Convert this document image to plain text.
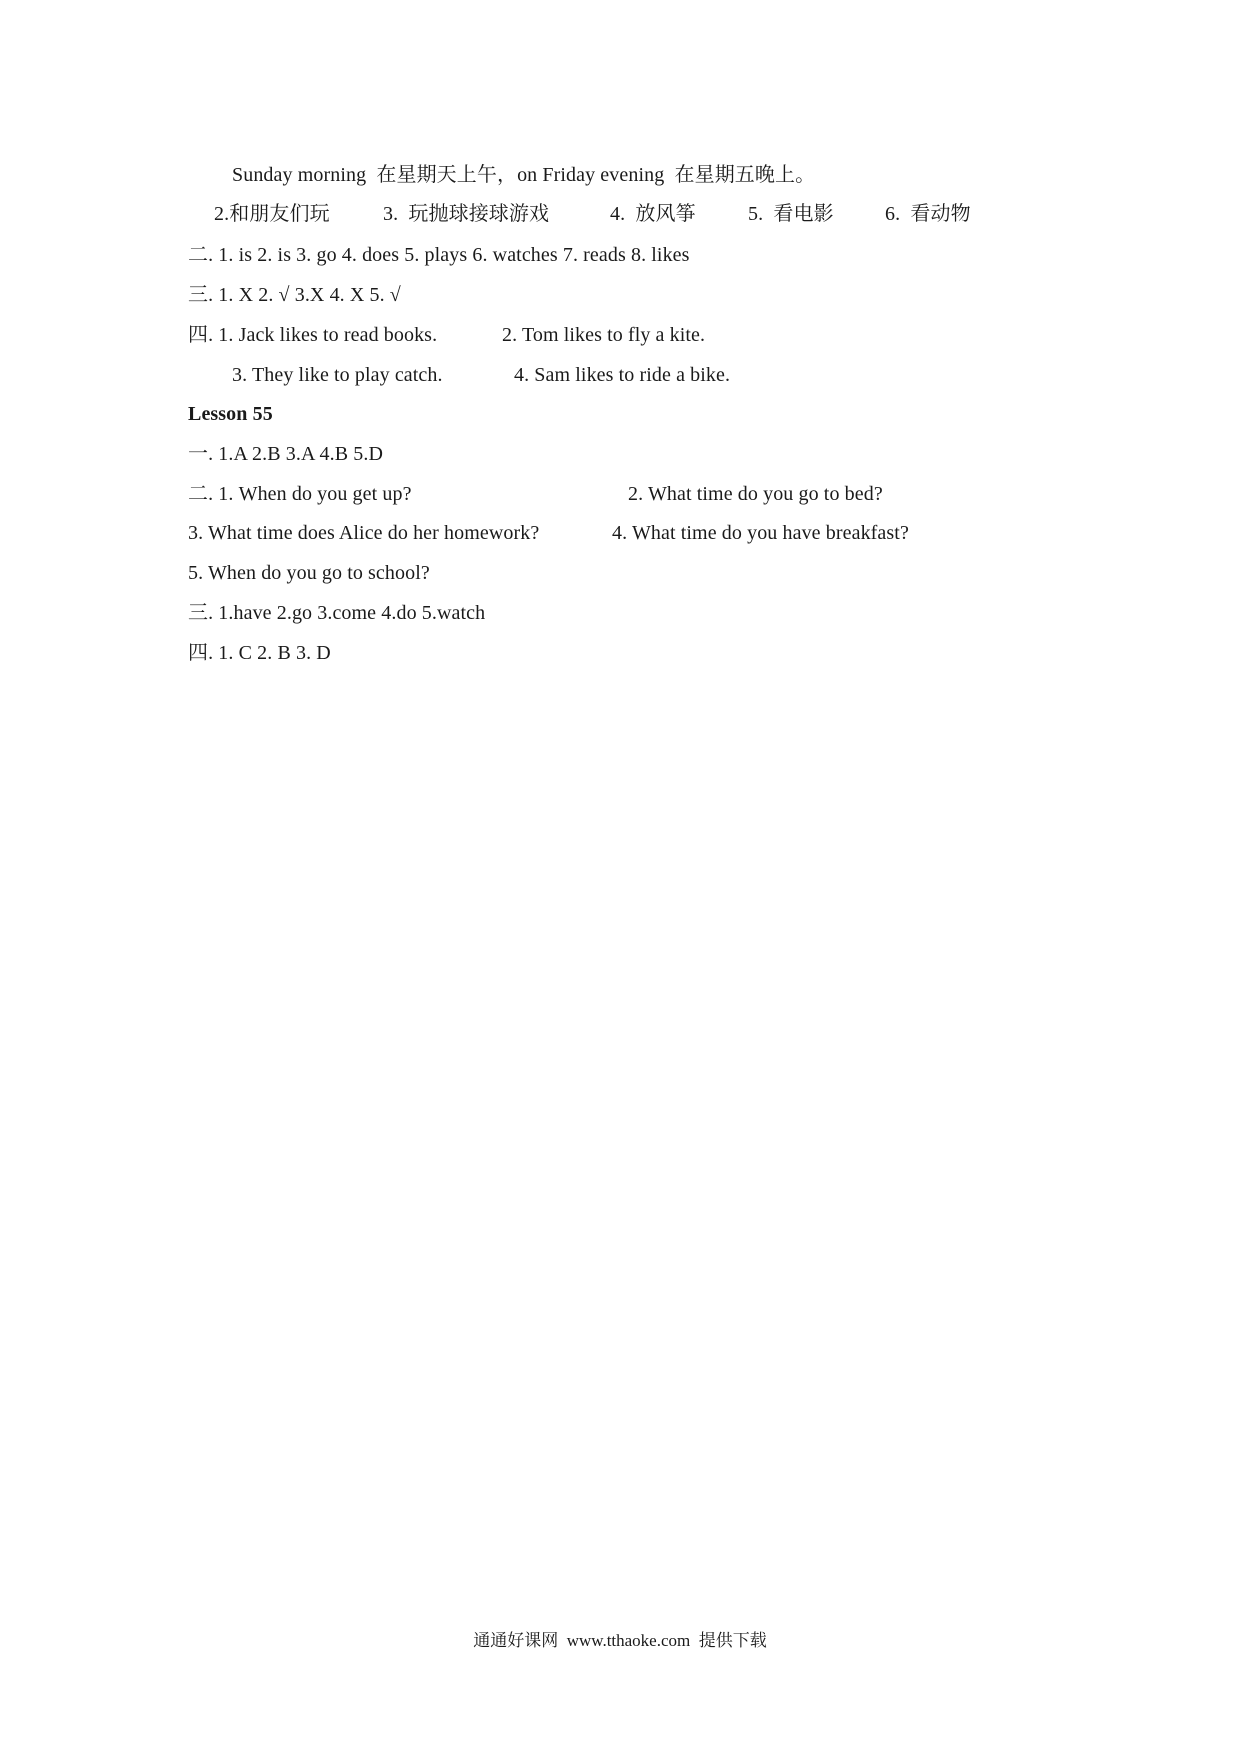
Sunday morning  在星期天上午，on Friday evening  在星期五晚上。
2.和朋友们玩	3.  玩抛球接球游戏	4.  放风筝	5.  看电影	6.  看动物
二. 1. is 2. is 3. go 4. does 5. plays 6. watches 7. reads 8. likes
三. 1. X 2. √ 3.X 4. X 5. √
四. 1. Jack likes to read books.	2. Tom likes to fly a kite.
3. They like to play catch.	4. Sam likes to ride a bike.
Lesson 55
一. 1.A 2.B 3.A 4.B 5.D
二. 1. When do you get up?	2. What time do you go to bed?
3. What time does Alice do her homework?	4. What time do you have breakfast?
5. When do you go to school?
三. 1.have 2.go 3.come 4.do 5.watch
四. 1. C 2. B 3. D
通通好课网  www.tthaoke.com  提供下载
